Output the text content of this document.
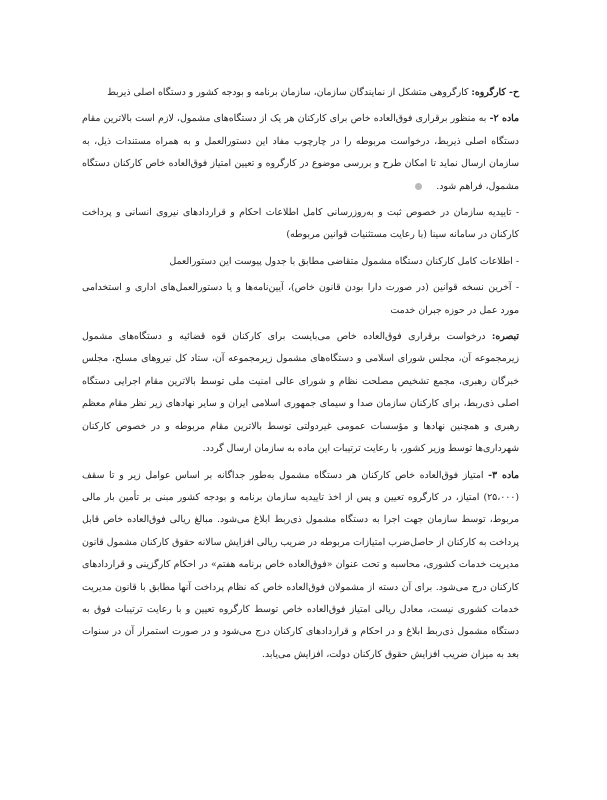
ح- کارگروه: کارگروهی متشکل از نمایندگان سازمان، سازمان برنامه و بودجه کشور و دستگاه اصلی ذیربط

ماده ۲- به منظور برقراری فوق‌العاده خاص برای کارکنان هر یک از دستگاه‌های مشمول، لازم است بالاترین مقام دستگاه اصلی ذیربط، درخواست مربوطه را در چارچوب مفاد این دستورالعمل و به همراه مستندات ذیل، به سازمان ارسال نماید تا امکان طرح و بررسی موضوع در کارگروه و تعیین امتیاز فوق‌العاده خاص کارکنان دستگاه مشمول، فراهم شود.

- تاییدیه سازمان در خصوص ثبت و به‌روزرسانی کامل اطلاعات احکام و قراردادهای نیروی انسانی و پرداخت کارکنان در سامانه سینا (با رعایت مستثنیات قوانین مربوطه)

- اطلاعات کامل کارکنان دستگاه مشمول متقاضی مطابق با جدول پیوست این دستورالعمل

- آخرین نسخه قوانین (در صورت دارا بودن قانون خاص)، آیین‌نامه‌ها و یا دستورالعمل‌های اداری و استخدامی مورد عمل در حوزه جبران خدمت

تبصره: درخواست برقراری فوق‌العاده خاص می‌بایست برای کارکنان قوه قضائیه و دستگاه‌های مشمول زیرمجموعه آن، مجلس شورای اسلامی و دستگاه‌های مشمول زیرمجموعه آن، ستاد کل نیروهای مسلح، مجلس خبرگان رهبری، مجمع تشخیص مصلحت نظام و شورای عالی امنیت ملی توسط بالاترین مقام اجرایی دستگاه اصلی ذی‌ربط، برای کارکنان سازمان صدا و سیمای جمهوری اسلامی ایران و سایر نهادهای زیر نظر مقام معظم رهبری و همچنین نهادها و مؤسسات عمومی غیردولتی توسط بالاترین مقام مربوطه و در خصوص کارکنان شهرداری‌ها توسط وزیر کشور، با رعایت ترتیبات این ماده به سازمان ارسال گردد.

ماده ۳- امتیاز فوق‌العاده خاص کارکنان هر دستگاه مشمول به‌طور جداگانه بر اساس عوامل زیر و تا سقف (۲۵،۰۰۰) امتیاز، در کارگروه تعیین و پس از اخذ تاییدیه سازمان برنامه و بودجه کشور مبنی بر تأمین بار مالی مربوط، توسط سازمان جهت اجرا به دستگاه مشمول ذی‌ربط ابلاغ می‌شود. مبالغ ریالی فوق‌العاده خاص قابل پرداخت به کارکنان از حاصل‌ضرب امتیازات مربوطه در ضریب ریالی افزایش سالانه حقوق کارکنان مشمول قانون مدیریت خدمات کشوری، محاسبه و تحت عنوان «فوق‌العاده خاص برنامه هفتم» در احکام کارگزینی و قراردادهای کارکنان درج می‌شود. برای آن دسته از مشمولان فوق‌العاده خاص که نظام پرداخت آنها مطابق با قانون مدیریت خدمات کشوری نیست، معادل ریالی امتیاز فوق‌العاده خاص توسط کارگروه تعیین و با رعایت ترتیبات فوق به دستگاه مشمول ذی‌ربط ابلاغ و در احکام و قراردادهای کارکنان درج می‌شود و در صورت استمرار آن در سنوات بعد به میزان ضریب افزایش حقوق کارکنان دولت، افزایش می‌یابد.
